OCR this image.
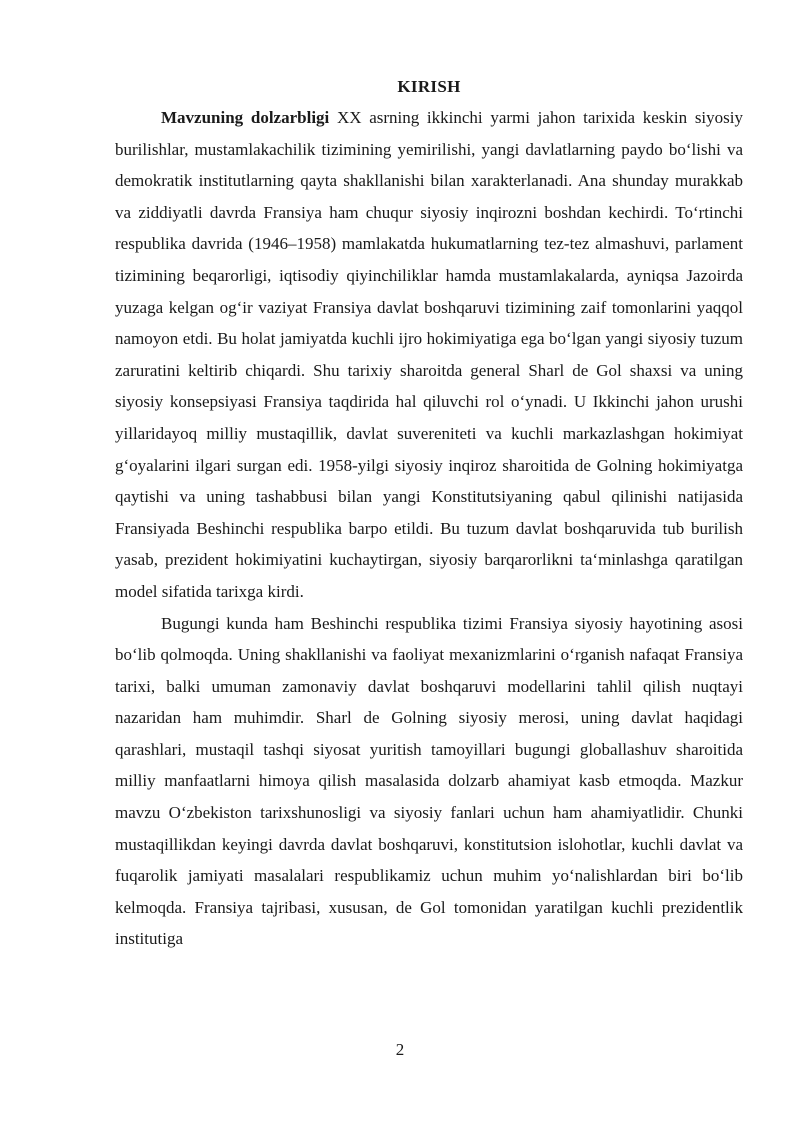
KIRISH

Mavzuning dolzarbligi XX asrning ikkinchi yarmi jahon tarixida keskin siyosiy burilishlar, mustamlakachilik tizimining yemirilishi, yangi davlatlarning paydo bo‘lishi va demokratik institutlarning qayta shakllanishi bilan xarakterlanadi. Ana shunday murakkab va ziddiyatli davrda Fransiya ham chuqur siyosiy inqirozni boshdan kechirdi. To‘rtinchi respublika davrida (1946–1958) mamlakatda hukumatlarning tez-tez almashuvi, parlament tizimining beqarorligi, iqtisodiy qiyinchiliklar hamda mustamlakalarda, ayniqsa Jazoirda yuzaga kelgan og‘ir vaziyat Fransiya davlat boshqaruvi tizimining zaif tomonlarini yaqqol namoyon etdi. Bu holat jamiyatda kuchli ijro hokimiyatiga ega bo‘lgan yangi siyosiy tuzum zaruratini keltirib chiqardi. Shu tarixiy sharoitda general Sharl de Gol shaxsi va uning siyosiy konsepsiyasi Fransiya taqdirida hal qiluvchi rol o‘ynadi. U Ikkinchi jahon urushi yillaridayoq milliy mustaqillik, davlat suvereniteti va kuchli markazlashgan hokimiyat g‘oyalarini ilgari surgan edi. 1958-yilgi siyosiy inqiroz sharoitida de Golning hokimiyatga qaytishi va uning tashabbusi bilan yangi Konstitutsiyaning qabul qilinishi natijasida Fransiyada Beshinchi respublika barpo etildi. Bu tuzum davlat boshqaruvida tub burilish yasab, prezident hokimiyatini kuchaytirgan, siyosiy barqarorlikni ta‘minlashga qaratilgan model sifatida tarixga kirdi.

Bugungi kunda ham Beshinchi respublika tizimi Fransiya siyosiy hayotining asosi bo‘lib qolmoqda. Uning shakllanishi va faoliyat mexanizmlarini o‘rganish nafaqat Fransiya tarixi, balki umuman zamonaviy davlat boshqaruvi modellarini tahlil qilish nuqtayi nazaridan ham muhimdir. Sharl de Golning siyosiy merosi, uning davlat haqidagi qarashlari, mustaqil tashqi siyosat yuritish tamoyillari bugungi globallashuv sharoitida milliy manfaatlarni himoya qilish masalasida dolzarb ahamiyat kasb etmoqda. Mazkur mavzu O‘zbekiston tarixshunosligi va siyosiy fanlari uchun ham ahamiyatlidir. Chunki mustaqillikdan keyingi davrda davlat boshqaruvi, konstitutsion islohotlar, kuchli davlat va fuqarolik jamiyati masalalari respublikamiz uchun muhim yo‘nalishlardan biri bo‘lib kelmoqda. Fransiya tajribasi, xususan, de Gol tomonidan yaratilgan kuchli prezidentlik institutiga

2
